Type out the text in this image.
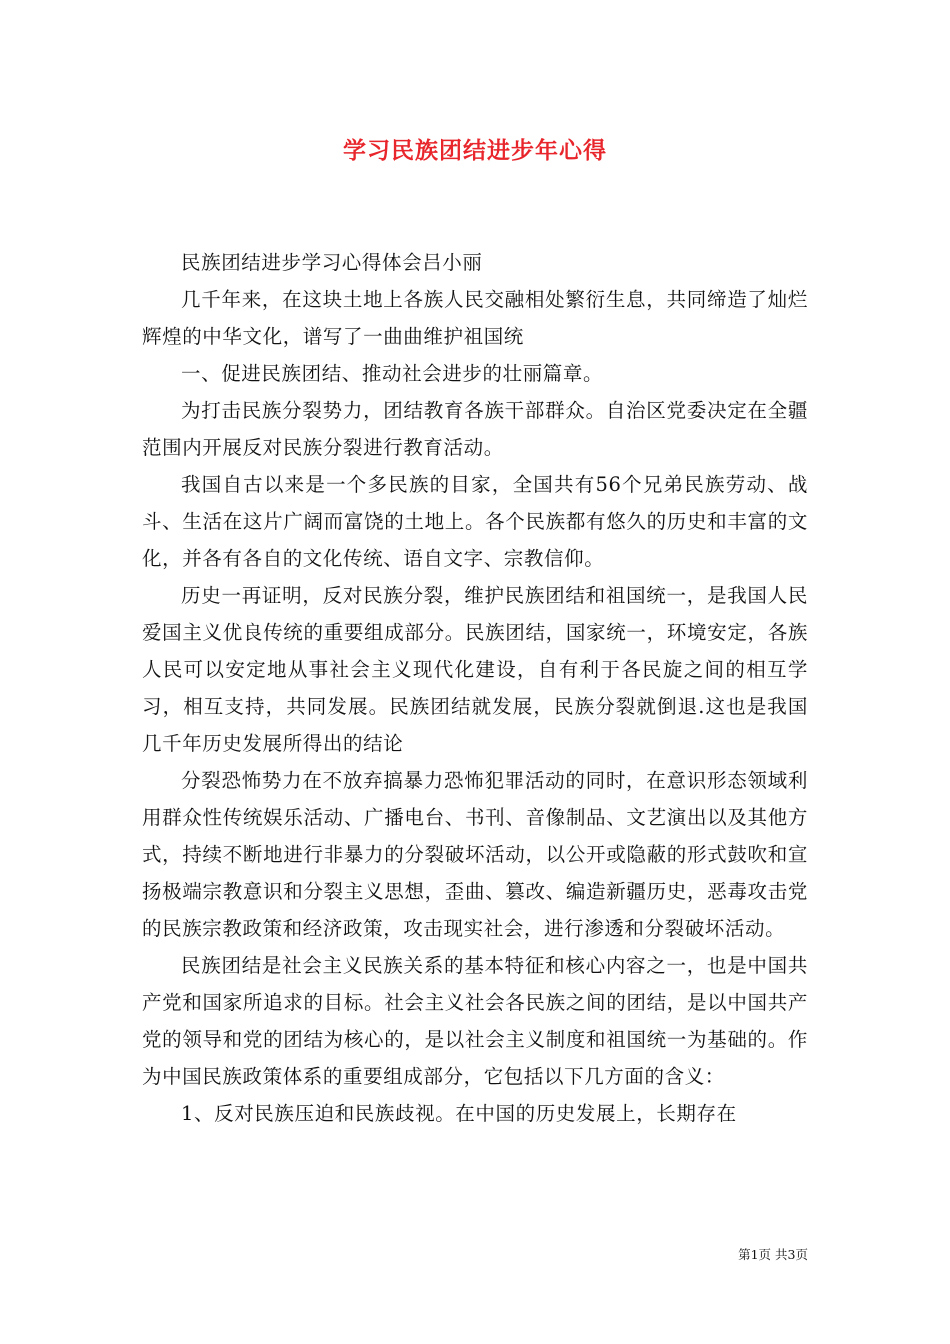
学习民族团结进步年心得

民族团结进步学习心得体会吕小丽

几千年来，在这块土地上各族人民交融相处繁衍生息，共同缔造了灿烂辉煌的中华文化，谱写了一曲曲维护祖国统

一、促进民族团结、推动社会进步的壮丽篇章。

为打击民族分裂势力，团结教育各族干部群众。自治区党委决定在全疆范围内开展反对民族分裂进行教育活动。

我国自古以来是一个多民族的目家，全国共有56个兄弟民族劳动、战斗、生活在这片广阔而富饶的土地上。各个民族都有悠久的历史和丰富的文化，并各有各自的文化传统、语自文字、宗教信仰。

历史一再证明，反对民族分裂，维护民族团结和祖国统一，是我国人民爱国主义优良传统的重要组成部分。民族团结，国家统一，环境安定，各族人民可以安定地从事社会主义现代化建设，自有利于各民旋之间的相互学习，相互支持，共同发展。民族团结就发展，民族分裂就倒退.这也是我国几千年历史发展所得出的结论

分裂恐怖势力在不放弃搞暴力恐怖犯罪活动的同时，在意识形态领域利用群众性传统娱乐活动、广播电台、书刊、音像制品、文艺演出以及其他方式，持续不断地进行非暴力的分裂破坏活动，以公开或隐蔽的形式鼓吹和宣扬极端宗教意识和分裂主义思想，歪曲、篡改、编造新疆历史，恶毒攻击党的民族宗教政策和经济政策，攻击现实社会，进行渗透和分裂破坏活动。

民族团结是社会主义民族关系的基本特征和核心内容之一，也是中国共产党和国家所追求的目标。社会主义社会各民族之间的团结，是以中国共产党的领导和党的团结为核心的，是以社会主义制度和祖国统一为基础的。作为中国民族政策体系的重要组成部分，它包括以下几方面的含义：

1、反对民族压迫和民族歧视。在中国的历史发展上，长期存在

第1页 共3页
